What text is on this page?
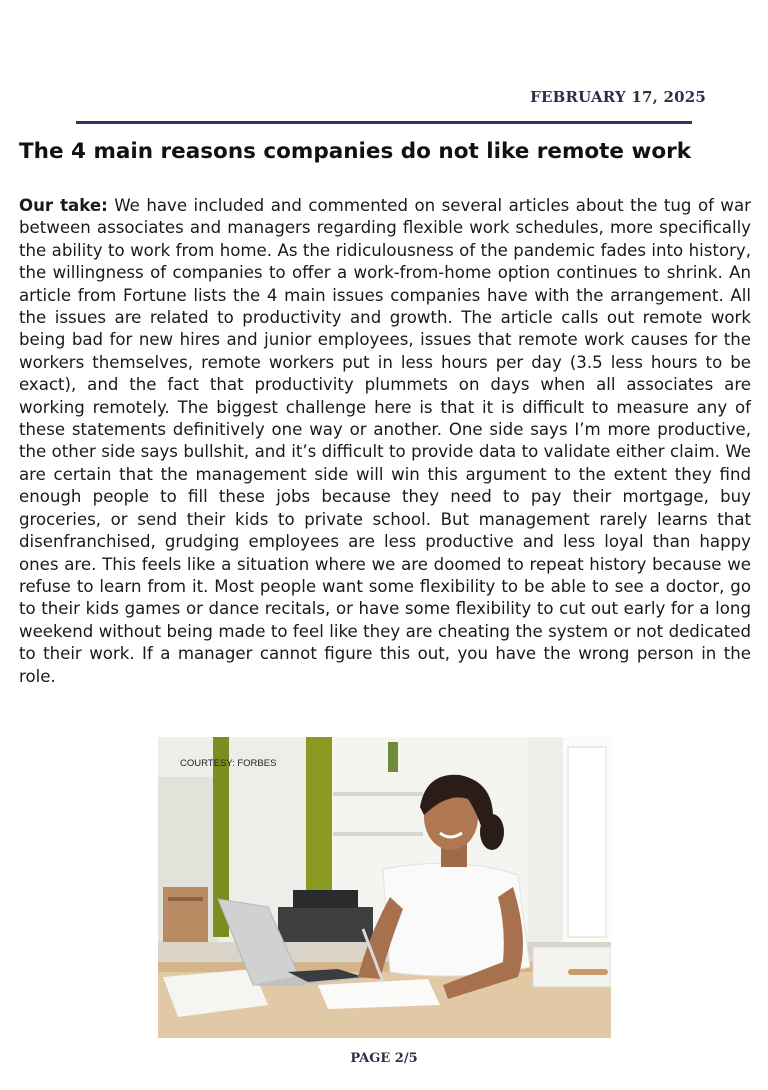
FEBRUARY 17, 2025
The 4 main reasons companies do not like remote work

Our take: We have included and commented on several articles about the tug of war between associates and managers regarding flexible work schedules, more specifically the ability to work from home. As the ridiculousness of the pandemic fades into history, the willingness of companies to offer a work-from-home option continues to shrink. An article from Fortune lists the 4 main issues companies have with the arrangement. All the issues are related to productivity and growth. The article calls out remote work being bad for new hires and junior employees, issues that remote work causes for the workers themselves, remote workers put in less hours per day (3.5 less hours to be exact), and the fact that productivity plummets on days when all associates are working remotely. The biggest challenge here is that it is difficult to measure any of these statements definitively one way or another. One side says I’m more productive, the other side says bullshit, and it’s difficult to provide data to validate either claim. We are certain that the management side will win this argument to the extent they find enough people to fill these jobs because they need to pay their mortgage, buy groceries, or send their kids to private school. But management rarely learns that disenfranchised, grudging employees are less productive and less loyal than happy ones are. This feels like a situation where we are doomed to repeat history because we refuse to learn from it. Most people want some flexibility to be able to see a doctor, go to their kids games or dance recitals, or have some flexibility to cut out early for a long weekend without being made to feel like they are cheating the system or not dedicated to their work. If a manager cannot figure this out, you have the wrong person in the role.

COURTESY: FORBES
PAGE 2/5
